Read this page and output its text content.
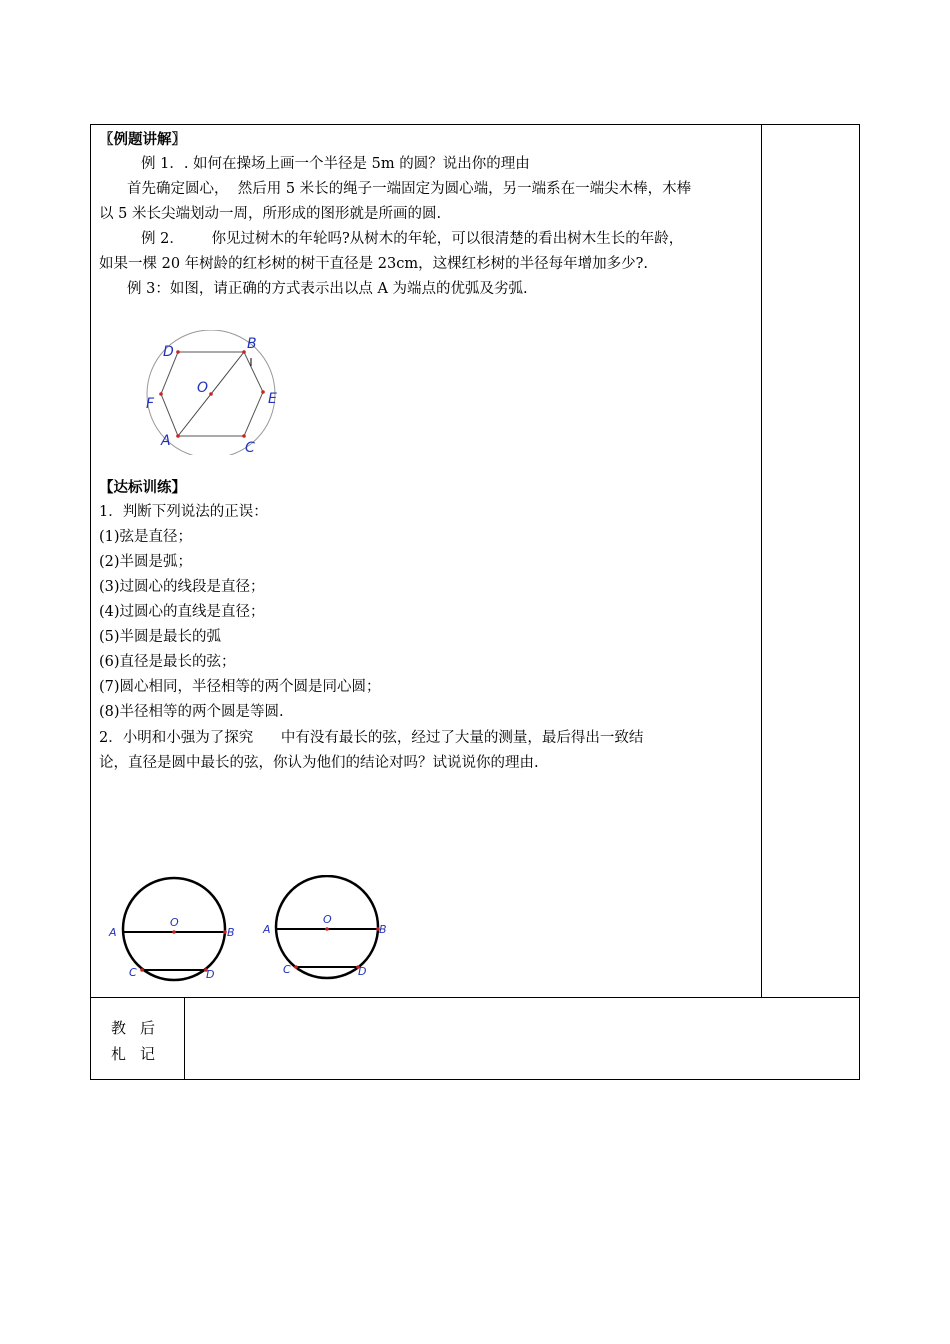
〖例题讲解〗

例 1．. 如何在操场上画一个半径是 5m 的圆？说出你的理由

首先确定圆心，  然后用 5 米长的绳子一端固定为圆心端，另一端系在一端尖木棒，木棒

以 5 米长尖端划动一周，所形成的图形就是所画的圆.

例 2．      你见过树木的年轮吗?从树木的年轮，可以很清楚的看出树木生长的年龄，

如果一棵 20 年树龄的红杉树的树干直径是 23cm，这棵红杉树的半径每年增加多少?.

例 3：如图，请正确的方式表示出以点 A 为端点的优弧及劣弧.

D	B
O
E
F
A	C

【达标训练】

1．判断下列说法的正误：

(1)弦是直径；

(2)半圆是弧；

(3)过圆心的线段是直径；

(4)过圆心的直线是直径；

(5)半圆是最长的弧

(6)直径是最长的弦；

(7)圆心相同，半径相等的两个圆是同心圆；

(8)半径相等的两个圆是等圆.

2．小明和小强为了探究      中有没有最长的弦，经过了大量的测量，最后得出一致结

论，直径是圆中最长的弦，你认为他们的结论对吗？试说说你的理由.

A	B
O
C	D
A	B
O
C	D
教后
札记
